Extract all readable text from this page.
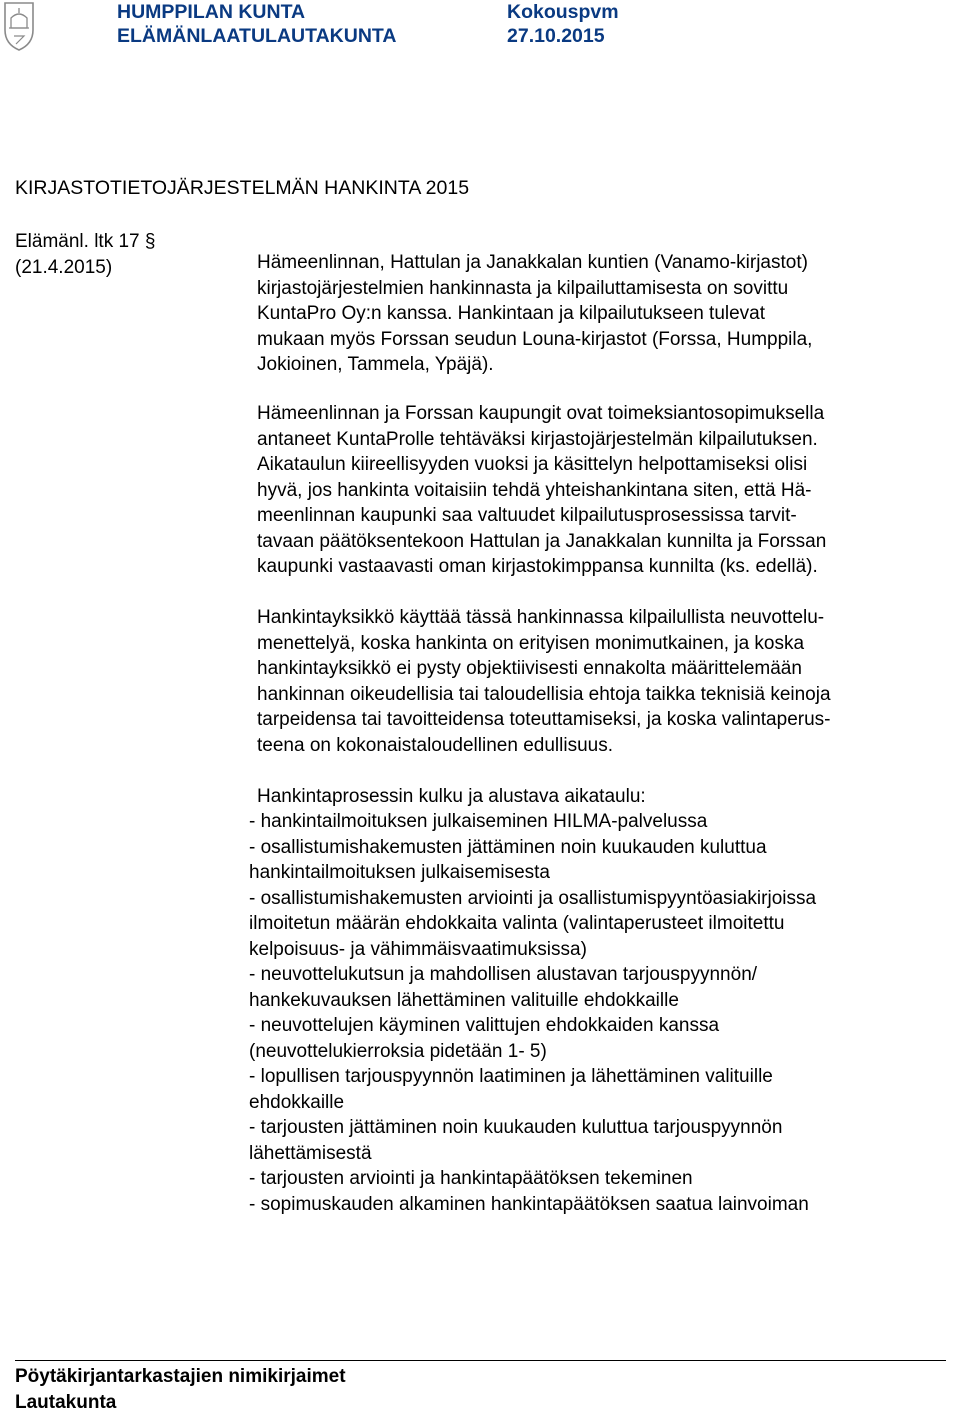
HUMPPILAN KUNTA
ELÄMÄNLAATULAUTAKUNTA
Kokouspvm
27.10.2015
KIRJASTOTIETOJÄRJESTELMÄN HANKINTA 2015
Elämänl. ltk 17 §
(21.4.2015)	Hämeenlinnan, Hattulan ja Janakkalan kuntien (Vanamo-kirjastot)
kirjastojärjestelmien hankinnasta ja kilpailuttamisesta on sovittu
KuntaPro Oy:n kanssa. Hankintaan ja kilpailutukseen tulevat
mukaan myös Forssan seudun Louna-kirjastot (Forssa, Humppila,
Jokioinen, Tammela, Ypäjä).

Hämeenlinnan ja Forssan kaupungit ovat toimeksiantosopimuksella
antaneet KuntaProlle tehtäväksi kirjastojärjestelmän kilpailutuksen.
Aikataulun kiireellisyyden vuoksi ja käsittelyn helpottamiseksi olisi
hyvä, jos hankinta voitaisiin tehdä yhteishankintana siten, että Hä-
meenlinnan kaupunki saa valtuudet kilpailutusprosessissa tarvit-
tavaan päätöksentekoon Hattulan ja Janakkalan kunnilta ja Forssan
kaupunki vastaavasti oman kirjastokimppansa kunnilta (ks. edellä).

Hankintayksikkö käyttää tässä hankinnassa kilpailullista neuvottelu-
menettelyä, koska hankinta on erityisen monimutkainen, ja koska
hankintayksikkö ei pysty objektiivisesti ennakolta määrittelemään
hankinnan oikeudellisia tai taloudellisia ehtoja taikka teknisiä keinoja
tarpeidensa tai tavoitteidensa toteuttamiseksi, ja koska valintaperus-
teena on kokonaistaloudellinen edullisuus.

Hankintaprosessin kulku ja alustava aikataulu:
- hankintailmoituksen julkaiseminen HILMA-palvelussa
- osallistumishakemusten jättäminen noin kuukauden kuluttua
hankintailmoituksen julkaisemisesta
- osallistumishakemusten arviointi ja osallistumispyyntöasiakirjoissa
ilmoitetun määrän ehdokkaita valinta (valintaperusteet ilmoitettu
kelpoisuus- ja vähimmäisvaatimuksissa)
- neuvottelukutsun ja mahdollisen alustavan tarjouspyynnön/
hankekuvauksen lähettäminen valituille ehdokkaille
- neuvottelujen käyminen valittujen ehdokkaiden kanssa
(neuvottelukierroksia pidetään 1- 5)
- lopullisen tarjouspyynnön laatiminen ja lähettäminen valituille
ehdokkaille
- tarjousten jättäminen noin kuukauden kuluttua tarjouspyynnön
lähettämisestä
- tarjousten arviointi ja hankintapäätöksen tekeminen
- sopimuskauden alkaminen hankintapäätöksen saatua lainvoiman
Pöytäkirjantarkastajien nimikirjaimet
Lautakunta
